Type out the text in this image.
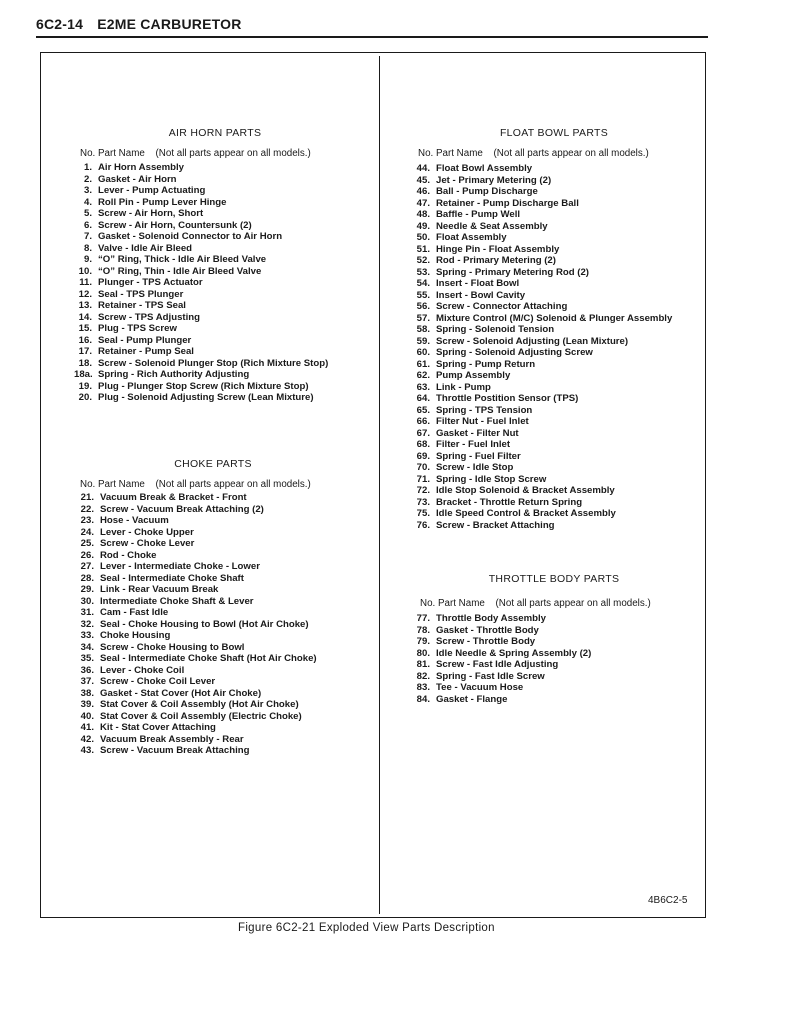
6C2-14 E2ME CARBURETOR
AIR HORN PARTS
No. Part Name (Not all parts appear on all models.)
1. Air Horn Assembly
2. Gasket - Air Horn
3. Lever - Pump Actuating
4. Roll Pin - Pump Lever Hinge
5. Screw - Air Horn, Short
6. Screw - Air Horn, Countersunk (2)
7. Gasket - Solenoid Connector to Air Horn
8. Valve - Idle Air Bleed
9. “O” Ring, Thick - Idle Air Bleed Valve
10. “O” Ring, Thin - Idle Air Bleed Valve
11. Plunger - TPS Actuator
12. Seal - TPS Plunger
13. Retainer - TPS Seal
14. Screw - TPS Adjusting
15. Plug - TPS Screw
16. Seal - Pump Plunger
17. Retainer - Pump Seal
18. Screw - Solenoid Plunger Stop (Rich Mixture Stop)
18a. Spring - Rich Authority Adjusting
19. Plug - Plunger Stop Screw (Rich Mixture Stop)
20. Plug - Solenoid Adjusting Screw (Lean Mixture)
CHOKE PARTS
No. Part Name (Not all parts appear on all models.)
21. Vacuum Break & Bracket - Front
22. Screw - Vacuum Break Attaching (2)
23. Hose - Vacuum
24. Lever - Choke Upper
25. Screw - Choke Lever
26. Rod - Choke
27. Lever - Intermediate Choke - Lower
28. Seal - Intermediate Choke Shaft
29. Link - Rear Vacuum Break
30. Intermediate Choke Shaft & Lever
31. Cam - Fast Idle
32. Seal - Choke Housing to Bowl (Hot Air Choke)
33. Choke Housing
34. Screw - Choke Housing to Bowl
35. Seal - Intermediate Choke Shaft (Hot Air Choke)
36. Lever - Choke Coil
37. Screw - Choke Coil Lever
38. Gasket - Stat Cover (Hot Air Choke)
39. Stat Cover & Coil Assembly (Hot Air Choke)
40. Stat Cover & Coil Assembly (Electric Choke)
41. Kit - Stat Cover Attaching
42. Vacuum Break Assembly - Rear
43. Screw - Vacuum Break Attaching
FLOAT BOWL PARTS
No. Part Name (Not all parts appear on all models.)
44. Float Bowl Assembly
45. Jet - Primary Metering (2)
46. Ball - Pump Discharge
47. Retainer - Pump Discharge Ball
48. Baffle - Pump Well
49. Needle & Seat Assembly
50. Float Assembly
51. Hinge Pin - Float Assembly
52. Rod - Primary Metering (2)
53. Spring - Primary Metering Rod (2)
54. Insert - Float Bowl
55. Insert - Bowl Cavity
56. Screw - Connector Attaching
57. Mixture Control (M/C) Solenoid & Plunger Assembly
58. Spring - Solenoid Tension
59. Screw - Solenoid Adjusting (Lean Mixture)
60. Spring - Solenoid Adjusting Screw
61. Spring - Pump Return
62. Pump Assembly
63. Link - Pump
64. Throttle Postition Sensor (TPS)
65. Spring - TPS Tension
66. Filter Nut - Fuel Inlet
67. Gasket - Filter Nut
68. Filter - Fuel Inlet
69. Spring - Fuel Filter
70. Screw - Idle Stop
71. Spring - Idle Stop Screw
72. Idle Stop Solenoid & Bracket Assembly
73. Bracket - Throttle Return Spring
75. Idle Speed Control & Bracket Assembly
76. Screw - Bracket Attaching
THROTTLE BODY PARTS
No. Part Name (Not all parts appear on all models.)
77. Throttle Body Assembly
78. Gasket - Throttle Body
79. Screw - Throttle Body
80. Idle Needle & Spring Assembly (2)
81. Screw - Fast Idle Adjusting
82. Spring - Fast Idle Screw
83. Tee - Vacuum Hose
84. Gasket - Flange
4B6C2-5
Figure 6C2-21 Exploded View Parts Description
